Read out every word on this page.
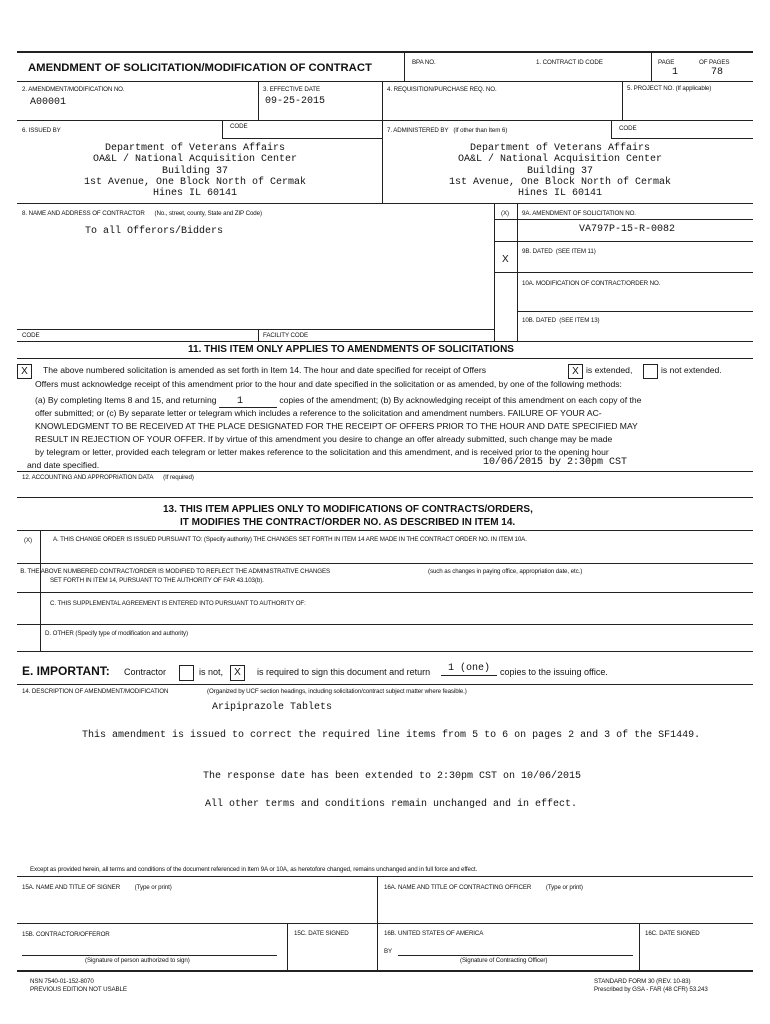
AMENDMENT OF SOLICITATION/MODIFICATION OF CONTRACT	BPA NO.	1. CONTRACT ID CODE	PAGE	OF PAGES
1	78
2. AMENDMENT/MODIFICATION NO.
A00001
3. EFFECTIVE DATE
09-25-2015
4. REQUISITION/PURCHASE REQ. NO.	5. PROJECT NO. (If applicable)
6. ISSUED BY
CODE
Department of Veterans Affairs
OA&L / National Acquisition Center
Building 37
1st Avenue, One Block North of Cermak
Hines IL 60141
7. ADMINISTERED BY (If other than Item 6)	CODE
Department of Veterans Affairs
OA&L / National Acquisition Center
Building 37
1st Avenue, One Block North of Cermak
Hines IL 60141
8. NAME AND ADDRESS OF CONTRACTOR (No., street, county, State and ZIP Code)
To all Offerors/Bidders
(X) 9A. AMENDMENT OF SOLICITATION NO.
VA797P-15-R-0082
9B. DATED (SEE ITEM 11)
X
10A. MODIFICATION OF CONTRACT/ORDER NO.
10B. DATED (SEE ITEM 13)
CODE	FACILITY CODE
11. THIS ITEM ONLY APPLIES TO AMENDMENTS OF SOLICITATIONS
X	The above numbered solicitation is amended as set forth in Item 14. The hour and date specified for receipt of Offers	X is extended,	is not extended.
Offers must acknowledge receipt of this amendment prior to the hour and date specified in the solicitation or as amended, by one of the following methods:
(a) By completing Items 8 and 15, and returning 1	copies of the amendment; (b) By acknowledging receipt of this amendment on each copy of the
offer submitted; or (c) By separate letter or telegram which includes a reference to the solicitation and amendment numbers. FAILURE OF YOUR AC-
KNOWLEDGMENT TO BE RECEIVED AT THE PLACE DESIGNATED FOR THE RECEIPT OF OFFERS PRIOR TO THE HOUR AND DATE SPECIFIED MAY
RESULT IN REJECTION OF YOUR OFFER. If by virtue of this amendment you desire to change an offer already submitted, such change may be made
by telegram or letter, provided each telegram or letter makes reference to the solicitation and this amendment, and is received prior to the opening hour
10/06/2015 by 2:30pm CST
and date specified.
12. ACCOUNTING AND APPROPRIATION DATA (If required)
13. THIS ITEM APPLIES ONLY TO MODIFICATIONS OF CONTRACTS/ORDERS,
IT MODIFIES THE CONTRACT/ORDER NO. AS DESCRIBED IN ITEM 14.
(X)	A. THIS CHANGE ORDER IS ISSUED PURSUANT TO: (Specify authority) THE CHANGES SET FORTH IN ITEM 14 ARE MADE IN THE CONTRACT ORDER NO. IN ITEM 10A.
B. THE ABOVE NUMBERED CONTRACT/ORDER IS MODIFIED TO REFLECT THE ADMINISTRATIVE CHANGES	(such as changes in paying office, appropriation date, etc.)
SET FORTH IN ITEM 14, PURSUANT TO THE AUTHORITY OF FAR 43.103(b).
C. THIS SUPPLEMENTAL AGREEMENT IS ENTERED INTO PURSUANT TO AUTHORITY OF:
D. OTHER (Specify type of modification and authority)
E. IMPORTANT: Contractor	is not,	X	is required to sign this document and return	1 (one)	copies to the issuing office.
14. DESCRIPTION OF AMENDMENT/MODIFICATION	(Organized by UCF section headings, including solicitation/contract subject matter where feasible.)
Aripiprazole Tablets
This amendment is issued to correct the required line items from 5 to 6 on pages 2 and 3 of the SF1449.
The response date has been extended to 2:30pm CST on 10/06/2015
All other terms and conditions remain unchanged and in effect.
Except as provided herein, all terms and conditions of the document referenced in Item 9A or 10A, as heretofore changed, remains unchanged and in full force and effect.
15A. NAME AND TITLE OF SIGNER (Type or print)	16A. NAME AND TITLE OF CONTRACTING OFFICER (Type or print)
15B. CONTRACTOR/OFFEROR	15C. DATE SIGNED	16B. UNITED STATES OF AMERICA	16C. DATE SIGNED
(Signature of person authorized to sign)
BY
(Signature of Contracting Officer)
NSN 7540-01-152-8070
PREVIOUS EDITION NOT USABLE
STANDARD FORM 30 (REV. 10-83)
Prescribed by GSA - FAR (48 CFR) 53.243
